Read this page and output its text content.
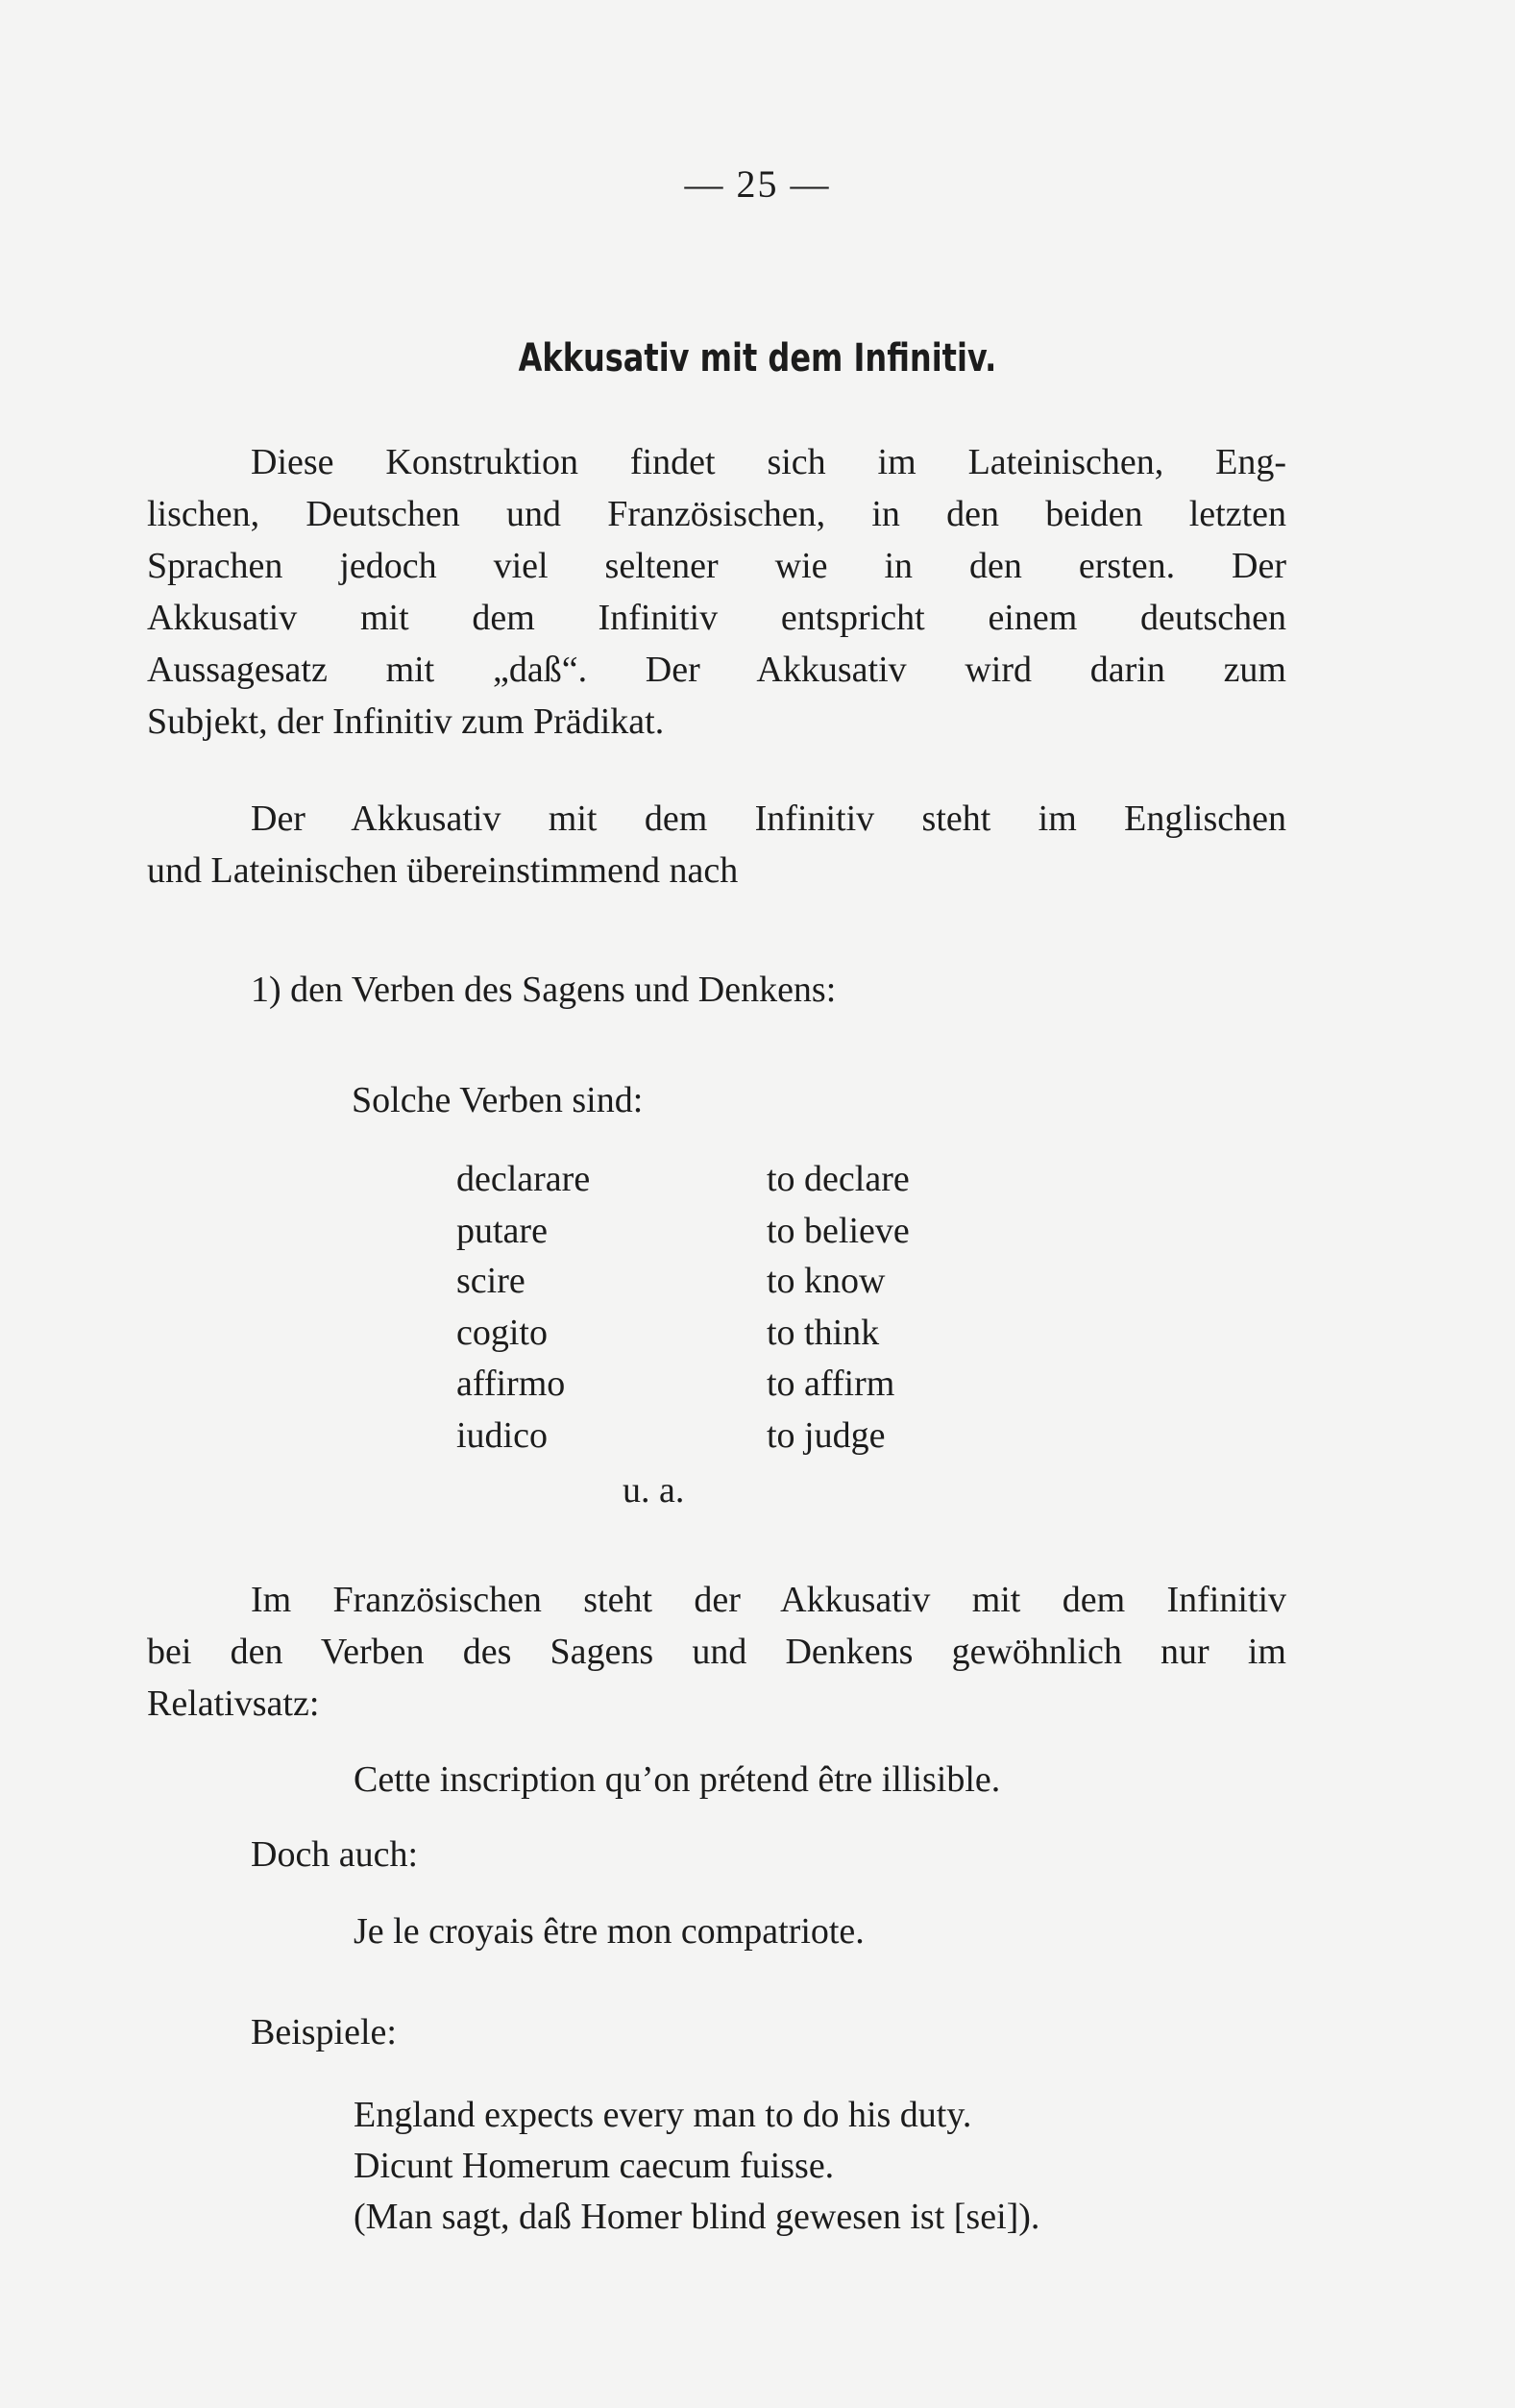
— 25 —
Akkusativ mit dem Infinitiv.
Diese Konstruktion findet sich im Lateinischen, Eng-
lischen, Deutschen und Französischen, in den beiden letzten
Sprachen jedoch viel seltener wie in den ersten. Der
Akkusativ mit dem Infinitiv entspricht einem deutschen
Aussagesatz mit „daß“. Der Akkusativ wird darin zum
Subjekt, der Infinitiv zum Prädikat.
Der Akkusativ mit dem Infinitiv steht im Englischen
und Lateinischen übereinstimmend nach
1) den Verben des Sagens und Denkens:
Solche Verben sind:
declarare	to declare
putare	to believe
scire	to know
cogito	to think
affirmo	to affirm
iudico	to judge
u. a.
Im Französischen steht der Akkusativ mit dem Infinitiv
bei den Verben des Sagens und Denkens gewöhnlich nur im
Relativsatz:
Cette inscription qu’on prétend être illisible.
Doch auch:
Je le croyais être mon compatriote.
Beispiele:
England expects every man to do his duty.
Dicunt Homerum caecum fuisse.
(Man sagt, daß Homer blind gewesen ist [sei]).
